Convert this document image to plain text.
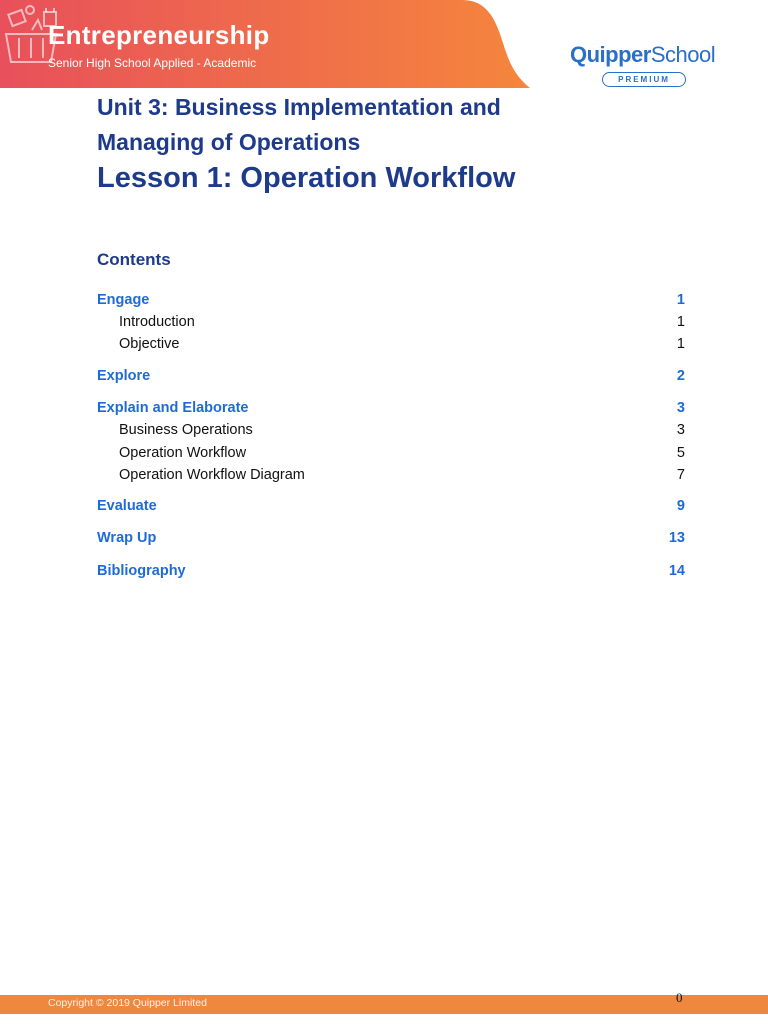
Entrepreneurship
Senior High School Applied - Academic	QuipperSchool
PREMIUM
Unit 3: Business Implementation and Managing of Operations
Lesson 1: Operation Workflow
Contents
Engage	1
Introduction	1
Objective	1
Explore	2
Explain and Elaborate	3
Business Operations	3
Operation Workflow	5
Operation Workflow Diagram	7
Evaluate	9
Wrap Up	13
Bibliography	14
Copyright © 2019 Quipper Limited	0
